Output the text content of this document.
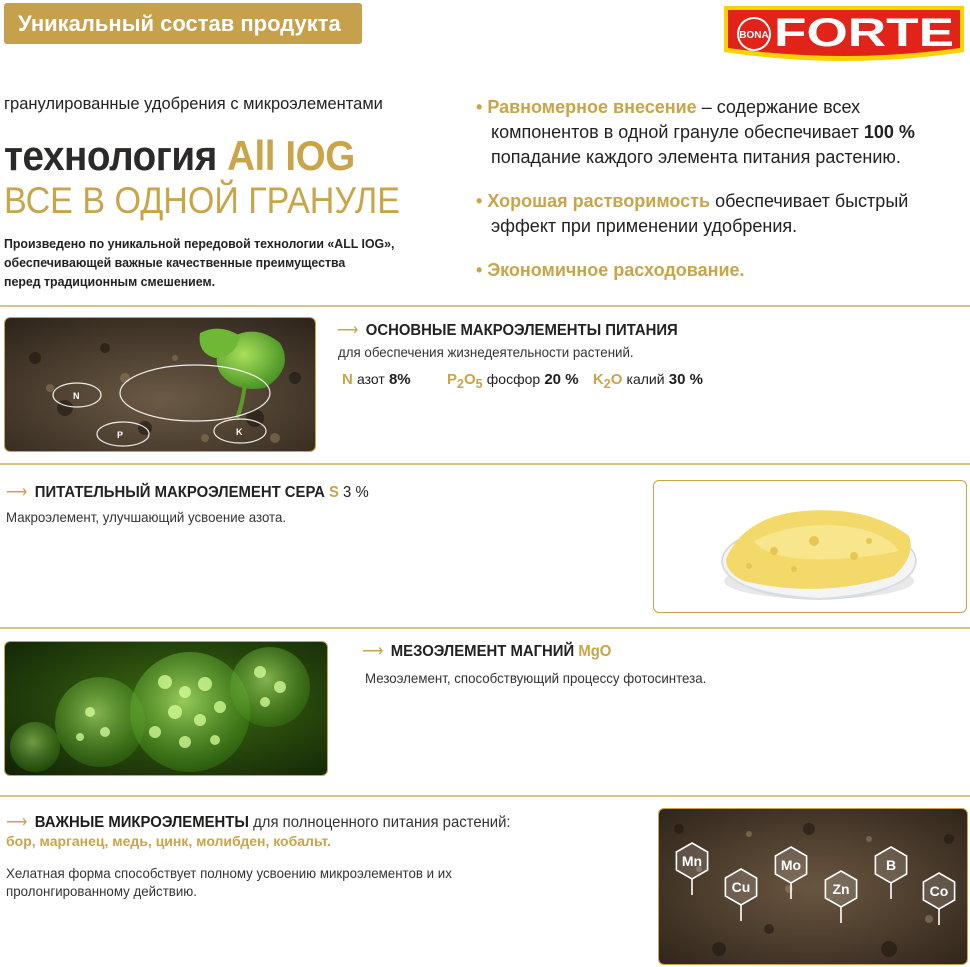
Уникальный состав продукта	BONA FORTE
гранулированные удобрения с микроэлементами
технология All IOG
ВСЕ В ОДНОЙ ГРАНУЛЕ
Произведено по уникальной передовой технологии «ALL IOG»,
обеспечивающей важные качественные преимущества
перед традиционным смешением.
• Равномерное внесение – содержание всех
компонентов в одной грануле обеспечивает 100 %
попадание каждого элемента питания растению.
• Хорошая растворимость обеспечивает быстрый
эффект при применении удобрения.
• Экономичное расходование.
N
P	K
⟶ ОСНОВНЫЕ МАКРОЭЛЕМЕНТЫ ПИТАНИЯ
для обеспечения жизнедеятельности растений.
N азот 8% $P_2O_5$ фосфор 20 % $K_2O$ калий 30 %
⟶ ПИТАТЕЛЬНЫЙ МАКРОЭЛЕМЕНТ СЕРА S 3 %
Макроэлемент, улучшающий усвоение азота.
⟶ МЕЗОЭЛЕМЕНТ МАГНИЙ MgO
Мезоэлемент, способствующий процессу фотосинтеза.
⟶ ВАЖНЫЕ МИКРОЭЛЕМЕНТЫ для полноценного питания растений:
бор, марганец, медь, цинк, молибден, кобальт.
Хелатная форма способствует полному усвоению микроэлементов и их
пролонгированному действию.
Mn
Cu
Mo
Zn
B
Co
